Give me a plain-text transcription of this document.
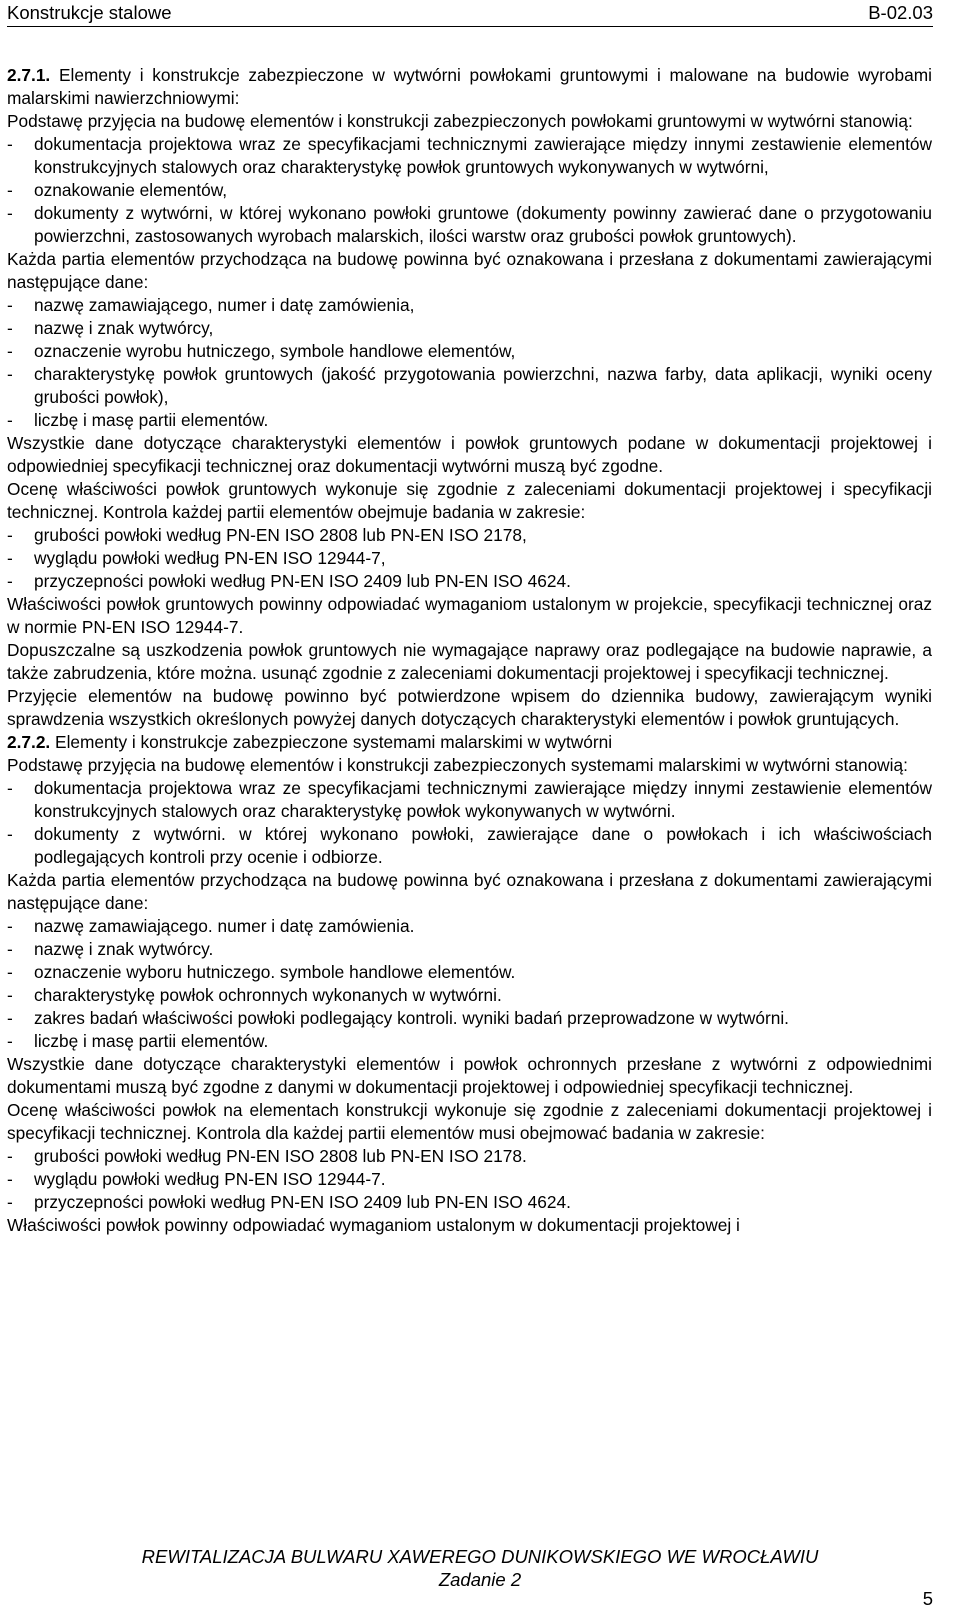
Konstrukcje stalowe	B-02.03

2.7.1. Elementy i konstrukcje zabezpieczone w wytwórni powłokami gruntowymi i malowane na budowie wyrobami malarskimi nawierzchniowymi:

Podstawę przyjęcia na budowę elementów i konstrukcji zabezpieczonych powłokami gruntowymi w wytwórni stanowią:

- dokumentacja projektowa wraz ze specyfikacjami technicznymi zawierające między innymi zestawienie elementów konstrukcyjnych stalowych oraz charakterystykę powłok gruntowych wykonywanych w wytwórni,

- oznakowanie elementów,

- dokumenty z wytwórni, w której wykonano powłoki gruntowe (dokumenty powinny zawierać dane o przygotowaniu powierzchni, zastosowanych wyrobach malarskich, ilości warstw oraz grubości powłok gruntowych).

Każda partia elementów przychodząca na budowę powinna być oznakowana i przesłana z dokumentami zawierającymi następujące dane:

- nazwę zamawiającego, numer i datę zamówienia,

- nazwę i znak wytwórcy,

- oznaczenie wyrobu hutniczego, symbole handlowe elementów,

- charakterystykę powłok gruntowych (jakość przygotowania powierzchni, nazwa farby, data aplikacji, wyniki oceny grubości powłok),

- liczbę i masę partii elementów.

Wszystkie dane dotyczące charakterystyki elementów i powłok gruntowych podane w dokumentacji projektowej i odpowiedniej specyfikacji technicznej oraz dokumentacji wytwórni muszą być zgodne.

Ocenę właściwości powłok gruntowych wykonuje się zgodnie z zaleceniami dokumentacji projektowej i specyfikacji technicznej. Kontrola każdej partii elementów obejmuje badania w zakresie:

- grubości powłoki według PN-EN ISO 2808 lub PN-EN ISO 2178,

- wyglądu powłoki według PN-EN ISO 12944-7,

- przyczepności powłoki według PN-EN ISO 2409 lub PN-EN ISO 4624.

Właściwości powłok gruntowych powinny odpowiadać wymaganiom ustalonym w projekcie, specyfikacji technicznej oraz w normie PN-EN ISO 12944-7.

Dopuszczalne są uszkodzenia powłok gruntowych nie wymagające naprawy oraz podlegające na budowie naprawie, a także zabrudzenia, które można. usunąć zgodnie z zaleceniami dokumentacji projektowej i specyfikacji technicznej.

Przyjęcie elementów na budowę powinno być potwierdzone wpisem do dziennika budowy, zawierającym wyniki sprawdzenia wszystkich określonych powyżej danych dotyczących charakterystyki elementów i powłok gruntujących.

2.7.2. Elementy i konstrukcje zabezpieczone systemami malarskimi w wytwórni

Podstawę przyjęcia na budowę elementów i konstrukcji zabezpieczonych systemami malarskimi w wytwórni stanowią:

- dokumentacja projektowa wraz ze specyfikacjami technicznymi zawierające między innymi zestawienie elementów konstrukcyjnych stalowych oraz charakterystykę powłok wykonywanych w wytwórni.

- dokumenty z wytwórni. w której wykonano powłoki, zawierające dane o powłokach i ich właściwościach podlegających kontroli przy ocenie i odbiorze.

Każda partia elementów przychodząca na budowę powinna być oznakowana i przesłana z dokumentami zawierającymi następujące dane:

- nazwę zamawiającego. numer i datę zamówienia.

- nazwę i znak wytwórcy.

- oznaczenie wyboru hutniczego. symbole handlowe elementów.

- charakterystykę powłok ochronnych wykonanych w wytwórni.

- zakres badań właściwości powłoki podlegający kontroli. wyniki badań przeprowadzone w wytwórni.

- liczbę i masę partii elementów.

Wszystkie dane dotyczące charakterystyki elementów i powłok ochronnych przesłane z wytwórni z odpowiednimi dokumentami muszą być zgodne z danymi w dokumentacji projektowej i odpowiedniej specyfikacji technicznej.

Ocenę właściwości powłok na elementach konstrukcji wykonuje się zgodnie z zaleceniami dokumentacji projektowej i specyfikacji technicznej. Kontrola dla każdej partii elementów musi obejmować badania w zakresie:

- grubości powłoki według PN-EN ISO 2808 lub PN-EN ISO 2178.

- wyglądu powłoki według PN-EN ISO 12944-7.

- przyczepności powłoki według PN-EN ISO 2409 lub PN-EN ISO 4624.

Właściwości powłok powinny odpowiadać wymaganiom ustalonym w dokumentacji projektowej i

REWITALIZACJA BULWARU XAWEREGO DUNIKOWSKIEGO WE WROCŁAWIU
Zadanie 2
5
